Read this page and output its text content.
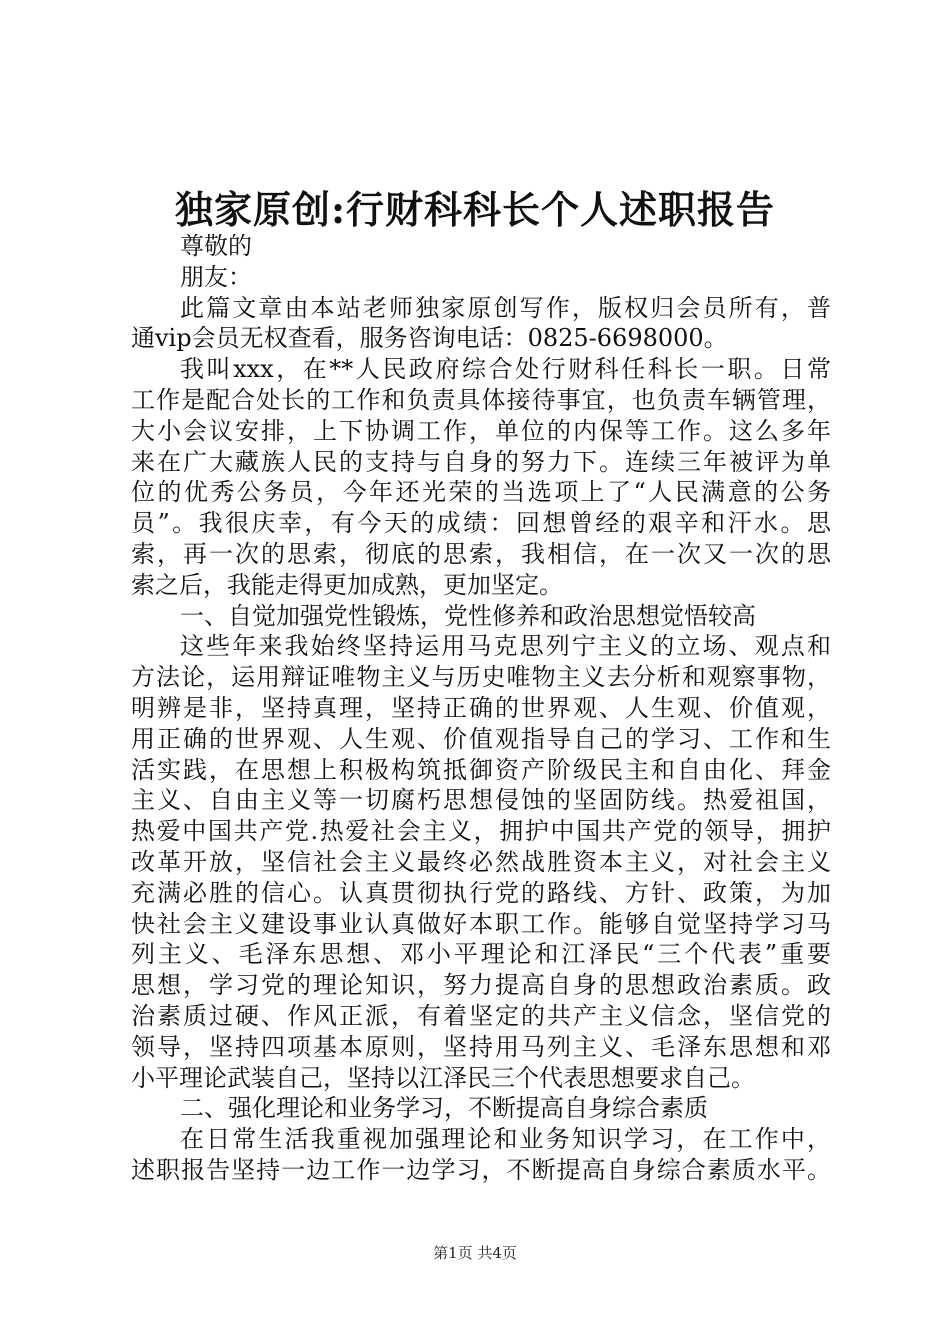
独家原创:行财科科长个人述职报告
尊敬的
朋友：
此篇文章由本站老师独家原创写作，版权归会员所有，普
通vip会员无权查看，服务咨询电话：0825-6698000。
我叫xxx，在**人民政府综合处行财科任科长一职。日常
工作是配合处长的工作和负责具体接待事宜，也负责车辆管理，
大小会议安排，上下协调工作，单位的内保等工作。这么多年
来在广大藏族人民的支持与自身的努力下。连续三年被评为单
位的优秀公务员，今年还光荣的当选项上了“人民满意的公务
员”。我很庆幸，有今天的成绩：回想曾经的艰辛和汗水。思
索，再一次的思索，彻底的思索，我相信，在一次又一次的思
索之后，我能走得更加成熟，更加坚定。
一、自觉加强党性锻炼，党性修养和政治思想觉悟较高
这些年来我始终坚持运用马克思列宁主义的立场、观点和
方法论，运用辩证唯物主义与历史唯物主义去分析和观察事物，
明辨是非，坚持真理，坚持正确的世界观、人生观、价值观，
用正确的世界观、人生观、价值观指导自己的学习、工作和生
活实践，在思想上积极构筑抵御资产阶级民主和自由化、拜金
主义、自由主义等一切腐朽思想侵蚀的坚固防线。热爱祖国，
热爱中国共产党.热爱社会主义，拥护中国共产党的领导，拥护
改革开放，坚信社会主义最终必然战胜资本主义，对社会主义
充满必胜的信心。认真贯彻执行党的路线、方针、政策，为加
快社会主义建设事业认真做好本职工作。能够自觉坚持学习马
列主义、毛泽东思想、邓小平理论和江泽民“三个代表”重要
思想，学习党的理论知识，努力提高自身的思想政治素质。政
治素质过硬、作风正派，有着坚定的共产主义信念，坚信党的
领导，坚持四项基本原则，坚持用马列主义、毛泽东思想和邓
小平理论武装自己，坚持以江泽民三个代表思想要求自己。
二、强化理论和业务学习，不断提高自身综合素质
在日常生活我重视加强理论和业务知识学习，在工作中，
述职报告坚持一边工作一边学习，不断提高自身综合素质水平。
第1页 共4页
